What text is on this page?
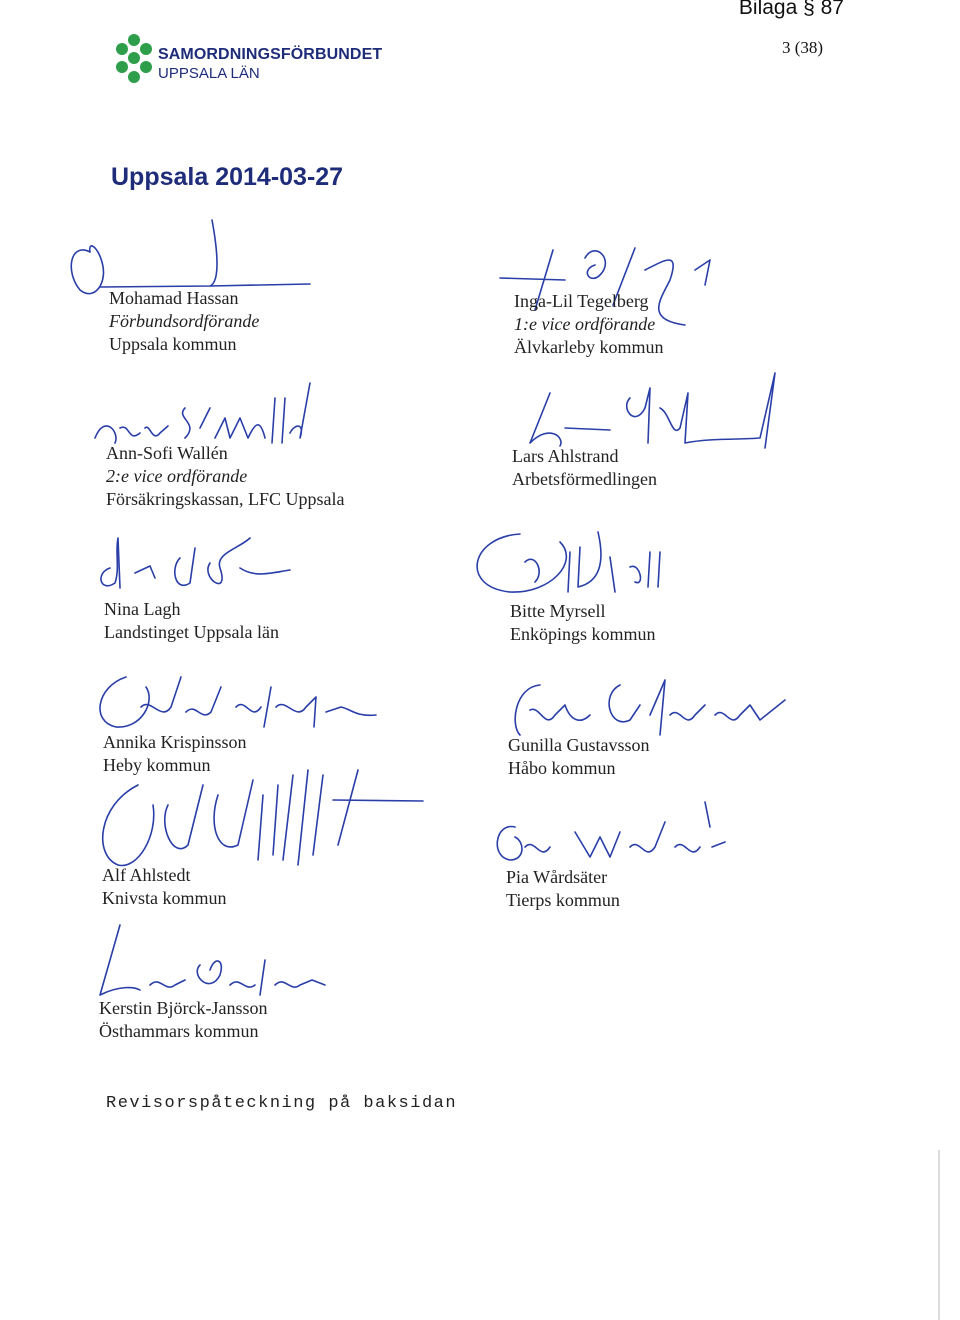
Bilaga § 87
3 (38)
SAMORDNINGSFÖRBUNDET
UPPSALA LÄN
Uppsala 2014-03-27
Mohamad Hassan
Förbundsordförande
Uppsala kommun
Inga-Lil Tegelberg
1:e vice ordförande
Älvkarleby kommun
Ann-Sofi Wallén
2:e vice ordförande
Försäkringskassan, LFC Uppsala
Lars Ahlstrand
Arbetsförmedlingen
Nina Lagh
Landstinget Uppsala län
Bitte Myrsell
Enköpings kommun
Annika Krispinsson
Heby kommun
Gunilla Gustavsson
Håbo kommun
Alf Ahlstedt
Knivsta kommun
Pia Wårdsäter
Tierps kommun
Kerstin Björck-Jansson
Östhammars kommun
Revisorspåteckning på baksidan
